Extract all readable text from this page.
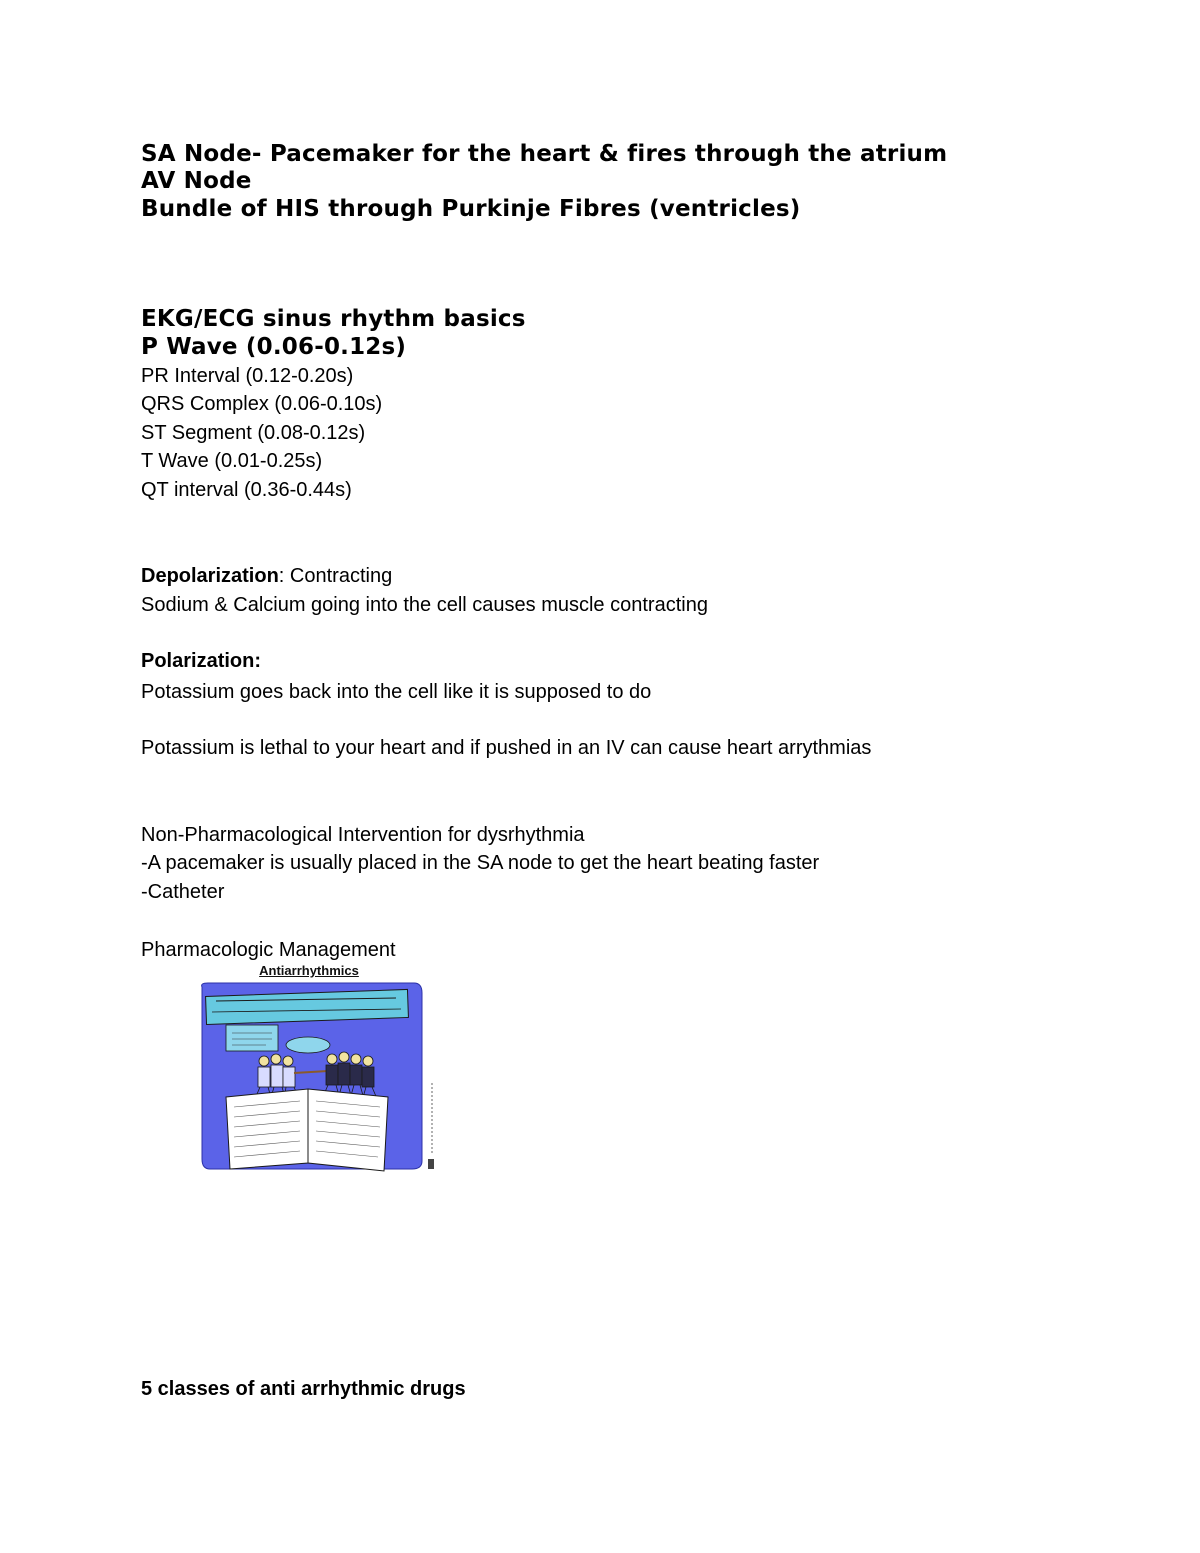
SA Node- Pacemaker for the heart & fires through the atrium
AV Node
Bundle of HIS through Purkinje Fibres (ventricles)
EKG/ECG sinus rhythm basics
P Wave (0.06-0.12s)
PR Interval (0.12-0.20s)
QRS Complex (0.06-0.10s)
ST Segment (0.08-0.12s)
T Wave (0.01-0.25s)
QT interval (0.36-0.44s)
Depolarization: Contracting
Sodium & Calcium going into the cell causes muscle contracting
Polarization:
Potassium goes back into the cell like it is supposed to do
Potassium is lethal to your heart and if pushed in an IV can cause heart arrythmias
Non-Pharmacological Intervention for dysrhythmia
-A pacemaker is usually placed in the SA node to get the heart beating faster
-Catheter
Pharmacologic Management
Antiarrhythmics
5 classes of anti arrhythmic drugs
